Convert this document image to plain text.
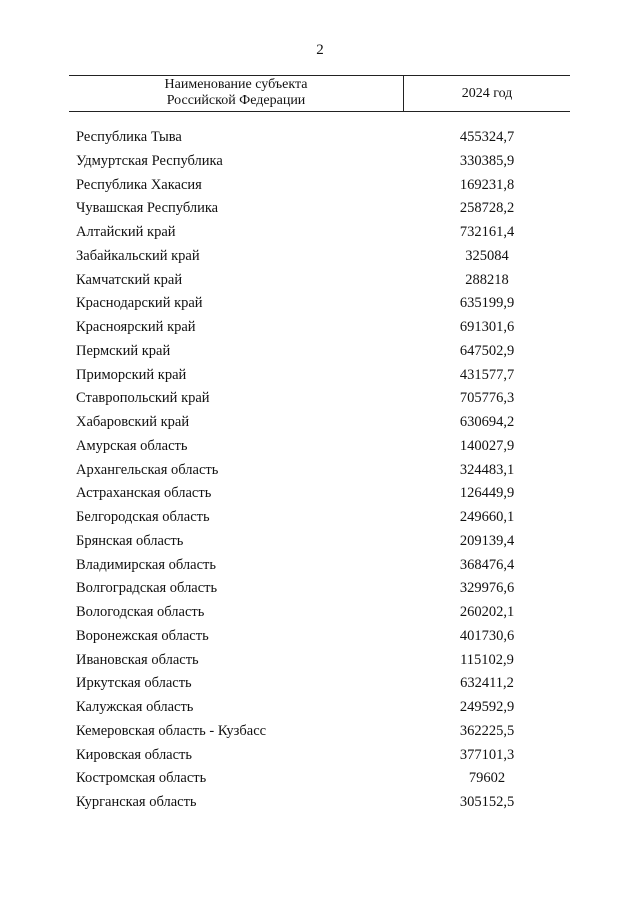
2
Наименование субъекта
Российской Федерации	2024 год
Республика Тыва	455324,7
Удмуртская Республика	330385,9
Республика Хакасия	169231,8
Чувашская Республика	258728,2
Алтайский край	732161,4
Забайкальский край	325084
Камчатский край	288218
Краснодарский край	635199,9
Красноярский край	691301,6
Пермский край	647502,9
Приморский край	431577,7
Ставропольский край	705776,3
Хабаровский край	630694,2
Амурская область	140027,9
Архангельская область	324483,1
Астраханская область	126449,9
Белгородская область	249660,1
Брянская область	209139,4
Владимирская область	368476,4
Волгоградская область	329976,6
Вологодская область	260202,1
Воронежская область	401730,6
Ивановская область	115102,9
Иркутская область	632411,2
Калужская область	249592,9
Кемеровская область - Кузбасс	362225,5
Кировская область	377101,3
Костромская область	79602
Курганская область	305152,5
